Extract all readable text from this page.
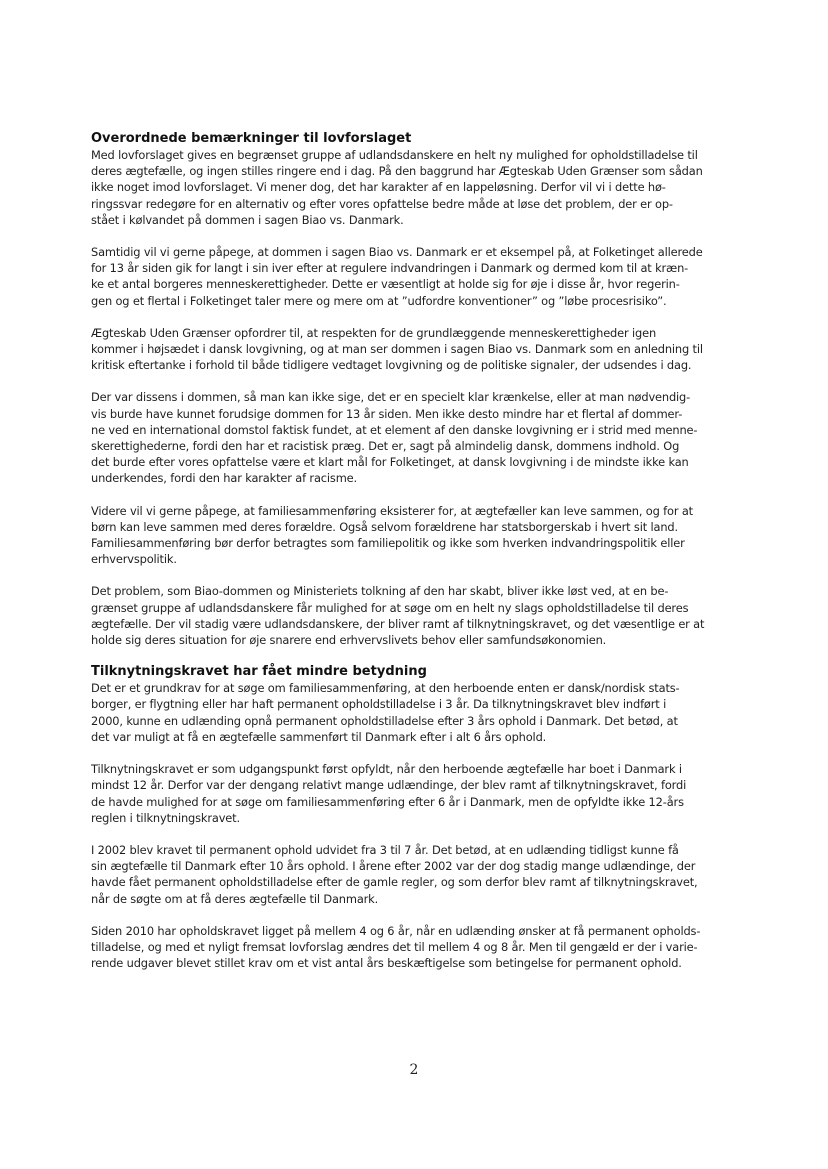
Overordnede bemærkninger til lovforslaget

Med lovforslaget gives en begrænset gruppe af udlandsdanskere en helt ny mulighed for opholdstilladelse til
deres ægtefælle, og ingen stilles ringere end i dag. På den baggrund har Ægteskab Uden Grænser som sådan
ikke noget imod lovforslaget. Vi mener dog, det har karakter af en lappeløsning. Derfor vil vi i dette hø-
ringssvar redegøre for en alternativ og efter vores opfattelse bedre måde at løse det problem, der er op-
stået i kølvandet på dommen i sagen Biao vs. Danmark.

Samtidig vil vi gerne påpege, at dommen i sagen Biao vs. Danmark er et eksempel på, at Folketinget allerede
for 13 år siden gik for langt i sin iver efter at regulere indvandringen i Danmark og dermed kom til at kræn-
ke et antal borgeres menneskerettigheder. Dette er væsentligt at holde sig for øje i disse år, hvor regerin-
gen og et flertal i Folketinget taler mere og mere om at ”udfordre konventioner” og ”løbe procesrisiko”.

Ægteskab Uden Grænser opfordrer til, at respekten for de grundlæggende menneskerettigheder igen
kommer i højsædet i dansk lovgivning, og at man ser dommen i sagen Biao vs. Danmark som en anledning til
kritisk eftertanke i forhold til både tidligere vedtaget lovgivning og de politiske signaler, der udsendes i dag.

Der var dissens i dommen, så man kan ikke sige, det er en specielt klar krænkelse, eller at man nødvendig-
vis burde have kunnet forudsige dommen for 13 år siden. Men ikke desto mindre har et flertal af dommer-
ne ved en international domstol faktisk fundet, at et element af den danske lovgivning er i strid med menne-
skerettighederne, fordi den har et racistisk præg. Det er, sagt på almindelig dansk, dommens indhold. Og
det burde efter vores opfattelse være et klart mål for Folketinget, at dansk lovgivning i de mindste ikke kan
underkendes, fordi den har karakter af racisme.

Videre vil vi gerne påpege, at familiesammenføring eksisterer for, at ægtefæller kan leve sammen, og for at
børn kan leve sammen med deres forældre. Også selvom forældrene har statsborgerskab i hvert sit land.
Familiesammenføring bør derfor betragtes som familiepolitik og ikke som hverken indvandringspolitik eller
erhvervspolitik.

Det problem, som Biao-dommen og Ministeriets tolkning af den har skabt, bliver ikke løst ved, at en be-
grænset gruppe af udlandsdanskere får mulighed for at søge om en helt ny slags opholdstilladelse til deres
ægtefælle. Der vil stadig være udlandsdanskere, der bliver ramt af tilknytningskravet, og det væsentlige er at
holde sig deres situation for øje snarere end erhvervslivets behov eller samfundsøkonomien.

Tilknytningskravet har fået mindre betydning

Det er et grundkrav for at søge om familiesammenføring, at den herboende enten er dansk/nordisk stats-
borger, er flygtning eller har haft permanent opholdstilladelse i 3 år. Da tilknytningskravet blev indført i
2000, kunne en udlænding opnå permanent opholdstilladelse efter 3 års ophold i Danmark. Det betød, at
det var muligt at få en ægtefælle sammenført til Danmark efter i alt 6 års ophold.

Tilknytningskravet er som udgangspunkt først opfyldt, når den herboende ægtefælle har boet i Danmark i
mindst 12 år. Derfor var der dengang relativt mange udlændinge, der blev ramt af tilknytningskravet, fordi
de havde mulighed for at søge om familiesammenføring efter 6 år i Danmark, men de opfyldte ikke 12-års
reglen i tilknytningskravet.

I 2002 blev kravet til permanent ophold udvidet fra 3 til 7 år. Det betød, at en udlænding tidligst kunne få
sin ægtefælle til Danmark efter 10 års ophold. I årene efter 2002 var der dog stadig mange udlændinge, der
havde fået permanent opholdstilladelse efter de gamle regler, og som derfor blev ramt af tilknytningskravet,
når de søgte om at få deres ægtefælle til Danmark.

Siden 2010 har opholdskravet ligget på mellem 4 og 6 år, når en udlænding ønsker at få permanent opholds-
tilladelse, og med et nyligt fremsat lovforslag ændres det til mellem 4 og 8 år. Men til gengæld er der i varie-
rende udgaver blevet stillet krav om et vist antal års beskæftigelse som betingelse for permanent ophold.

2
